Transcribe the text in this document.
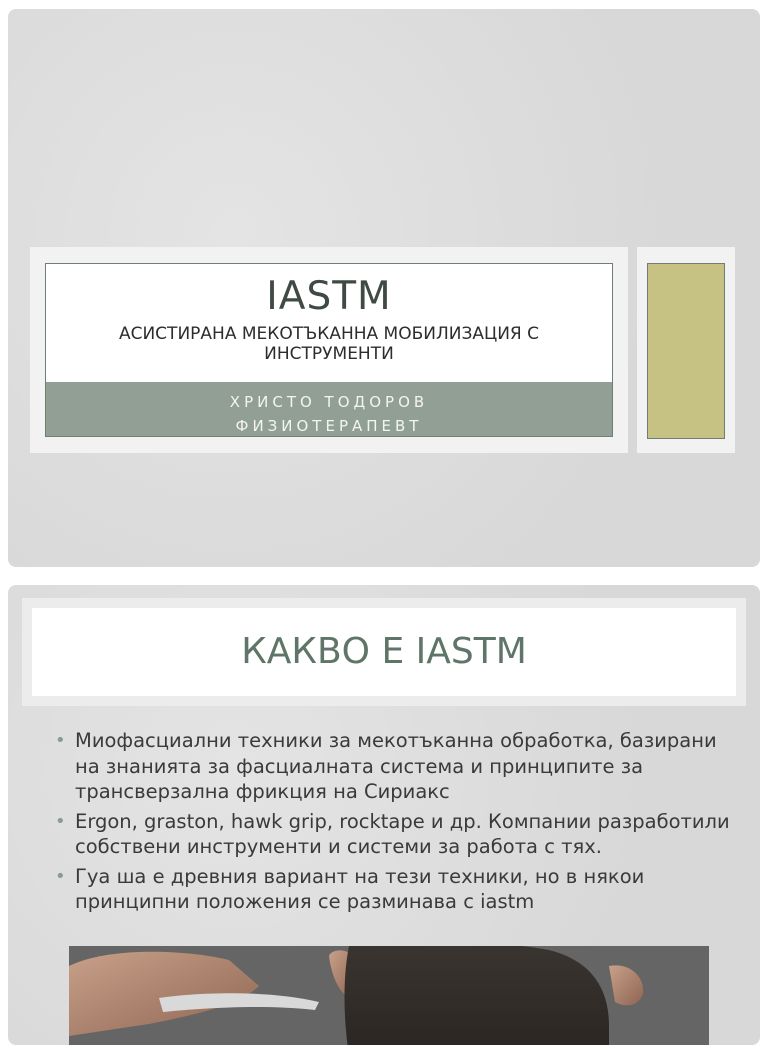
IASTM
АСИСТИРАНА МЕКОТЪКАННА МОБИЛИЗАЦИЯ С ИНСТРУМЕНТИ
ХРИСТО ТОДОРОВ
ФИЗИОТЕРАПЕВТ
КАКВО Е IASTM
• Миофасциални техники за мекотъканна обработка, базирани на знанията за фасциалната система и принципите за трансверзална фрикция на Сириакс
• Ergon, graston, hawk grip, rocktape и др. Компании разработили собствени инструменти и системи за работа с тях.
• Гуа ша е древния вариант на тези техники, но в някои принципни положения се разминава с iastm
